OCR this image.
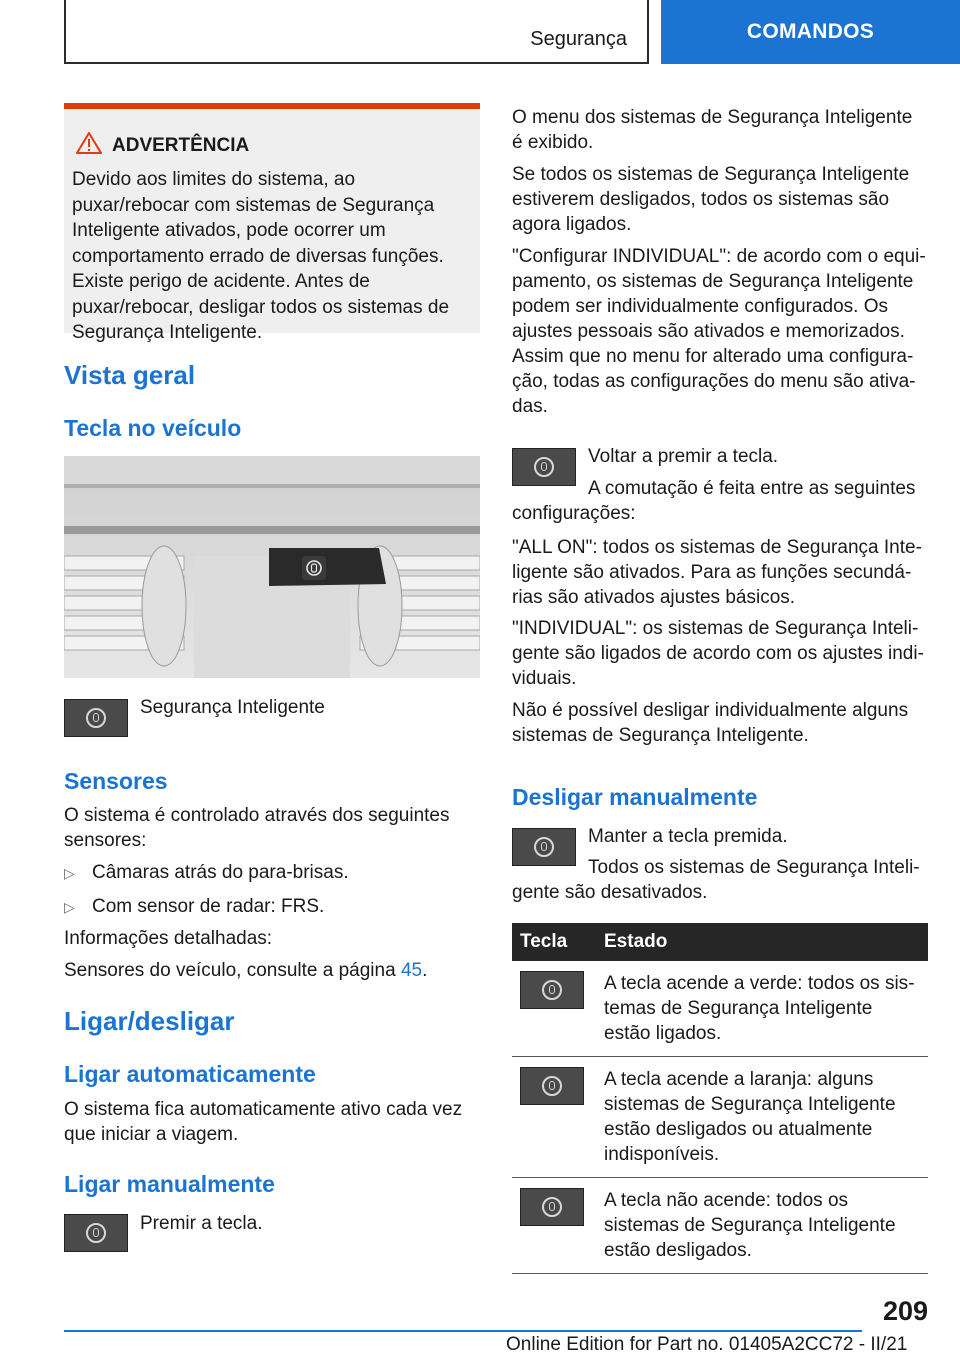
Segurança	COMANDOS
ADVERTÊNCIA
Devido aos limites do sistema, ao puxar/rebocar com sistemas de Segurança Inteligente ativados, pode ocorrer um comportamento errado de diversas funções. Existe perigo de acidente. Antes de puxar/rebocar, desligar todos os sistemas de Segurança Inteligente.
Vista geral
Tecla no veículo
Segurança Inteligente
Sensores
O sistema é controlado através dos seguintes sensores:
▷ Câmaras atrás do para-brisas.
▷ Com sensor de radar: FRS.
Informações detalhadas:
Sensores do veículo, consulte a página 45.
Ligar/desligar
Ligar automaticamente
O sistema fica automaticamente ativo cada vez que iniciar a viagem.
Ligar manualmente
Premir a tecla.
O menu dos sistemas de Segurança Inteligente é exibido.
Se todos os sistemas de Segurança Inteligente estiverem desligados, todos os sistemas são agora ligados.
"Configurar INDIVIDUAL": de acordo com o equipamento, os sistemas de Segurança Inteligente podem ser individualmente configurados. Os ajustes pessoais são ativados e memorizados. Assim que no menu for alterado uma configuração, todas as configurações do menu são ativadas.
Voltar a premir a tecla.
A comutação é feita entre as seguintes configurações:
"ALL ON": todos os sistemas de Segurança Inteligente são ativados. Para as funções secundárias são ativados ajustes básicos.
"INDIVIDUAL": os sistemas de Segurança Inteligente são ligados de acordo com os ajustes individuais.
Não é possível desligar individualmente alguns sistemas de Segurança Inteligente.
Desligar manualmente
Manter a tecla premida.
Todos os sistemas de Segurança Inteligente são desativados.
Tecla	Estado

	A tecla acende a verde: todos os sistemas de Segurança Inteligente estão ligados.

	A tecla acende a laranja: alguns sistemas de Segurança Inteligente estão desligados ou atualmente indisponíveis.

	A tecla não acende: todos os sistemas de Segurança Inteligente estão desligados.
209
Online Edition for Part no. 01405A2CC72 - II/21
